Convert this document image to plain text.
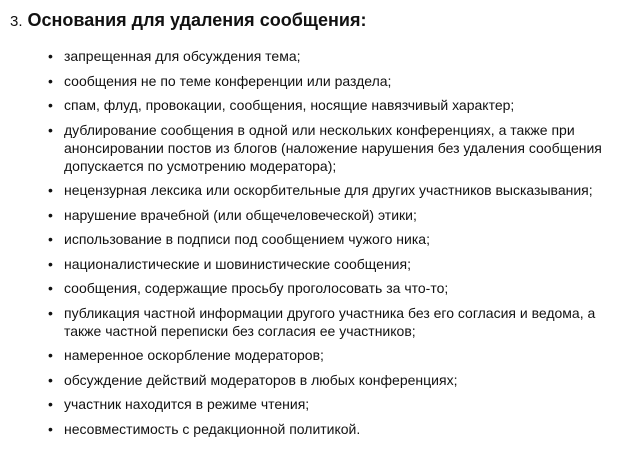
3. Основания для удаления сообщения:
• запрещенная для обсуждения тема;
• сообщения не по теме конференции или раздела;
• спам, флуд, провокации, сообщения, носящие навязчивый характер;
• дублирование сообщения в одной или нескольких конференциях, а также при анонсировании постов из блогов (наложение нарушения без удаления сообщения допускается по усмотрению модератора);
• нецензурная лексика или оскорбительные для других участников высказывания;
• нарушение врачебной (или общечеловеческой) этики;
• использование в подписи под сообщением чужого ника;
• националистические и шовинистические сообщения;
• сообщения, содержащие просьбу проголосовать за что-то;
• публикация частной информации другого участника без его согласия и ведома, а также частной переписки без согласия ее участников;
• намеренное оскорбление модераторов;
• обсуждение действий модераторов в любых конференциях;
• участник находится в режиме чтения;
• несовместимость с редакционной политикой.
